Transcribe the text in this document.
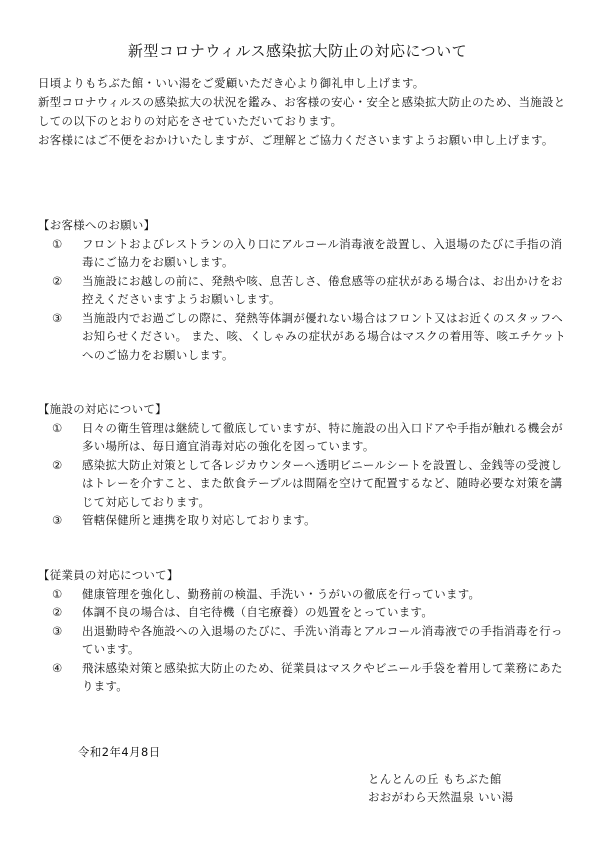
新型コロナウィルス感染拡大防止の対応について

日頃よりもちぶた館・いい湯をご愛顧いただき心より御礼申し上げます。

新型コロナウィルスの感染拡大の状況を鑑み、お客様の安心・安全と感染拡大防止のため、当施設としての以下のとおりの対応をさせていただいております。

お客様にはご不便をおかけいたしますが、ご理解とご協力くださいますようお願い申し上げます。

【お客様へのお願い】
①	フロントおよびレストランの入り口にアルコール消毒液を設置し、入退場のたびに手指の消毒にご協力をお願いします。
②	当施設にお越しの前に、発熱や咳、息苦しさ、倦怠感等の症状がある場合は、お出かけをお控えくださいますようお願いします。
③	当施設内でお過ごしの際に、発熱等体調が優れない場合はフロント又はお近くのスタッフへお知らせください。 また、咳、くしゃみの症状がある場合はマスクの着用等、咳エチケットへのご協力をお願いします。
【施設の対応について】
①	日々の衛生管理は継続して徹底していますが、特に施設の出入口ドアや手指が触れる機会が多い場所は、毎日適宜消毒対応の強化を図っています。
②	感染拡大防止対策として各レジカウンターへ透明ビニールシートを設置し、金銭等の受渡しはトレーを介すこと、また飲食テーブルは間隔を空けて配置するなど、随時必要な対策を講じて対応しております。
③	管轄保健所と連携を取り対応しております。
【従業員の対応について】
①	健康管理を強化し、勤務前の検温、手洗い・うがいの徹底を行っています。
②	体調不良の場合は、自宅待機（自宅療養）の処置をとっています。
③	出退勤時や各施設への入退場のたびに、手洗い消毒とアルコール消毒液での手指消毒を行っています。
④	飛沫感染対策と感染拡大防止のため、従業員はマスクやビニール手袋を着用して業務にあたります。
令和2年4月8日
とんとんの丘 もちぶた館
おおがわら天然温泉 いい湯
